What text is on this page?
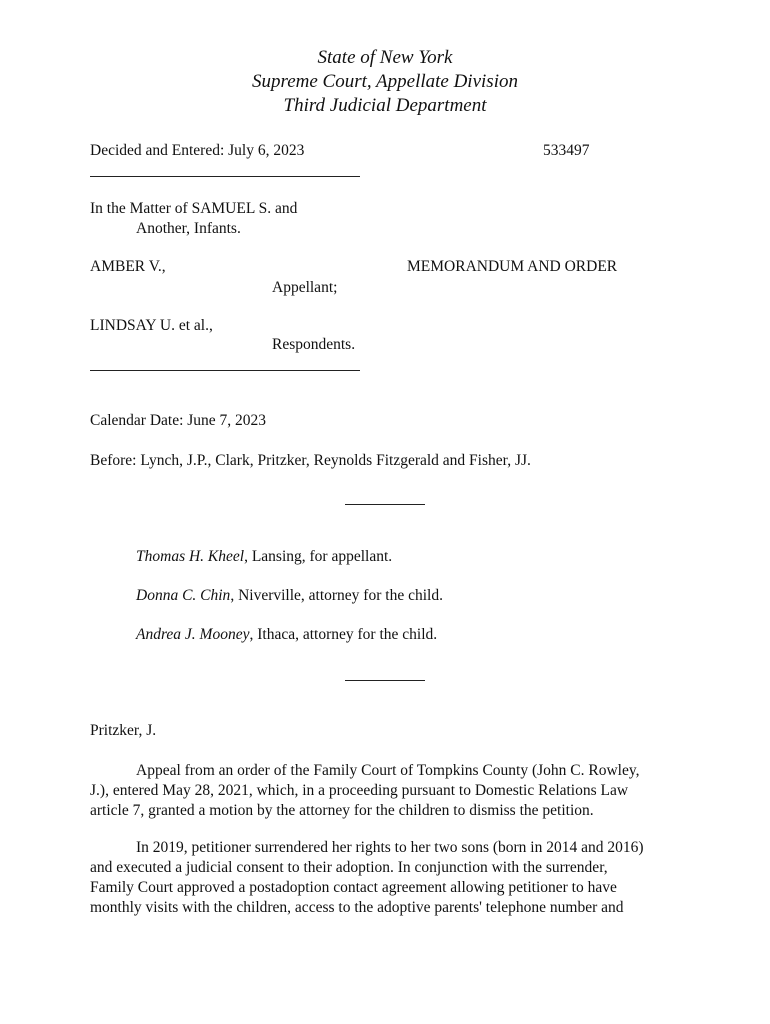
State of New York
Supreme Court, Appellate Division
Third Judicial Department
Decided and Entered: July 6, 2023	533497
In the Matter of SAMUEL S. and
Another, Infants.
AMBER V.,	MEMORANDUM AND ORDER
Appellant;
LINDSAY U. et al.,
Respondents.
Calendar Date: June 7, 2023
Before: Lynch, J.P., Clark, Pritzker, Reynolds Fitzgerald and Fisher, JJ.
Thomas H. Kheel, Lansing, for appellant.
Donna C. Chin, Niverville, attorney for the child.
Andrea J. Mooney, Ithaca, attorney for the child.
Pritzker, J.
Appeal from an order of the Family Court of Tompkins County (John C. Rowley,
J.), entered May 28, 2021, which, in a proceeding pursuant to Domestic Relations Law
article 7, granted a motion by the attorney for the children to dismiss the petition.
In 2019, petitioner surrendered her rights to her two sons (born in 2014 and 2016)
and executed a judicial consent to their adoption. In conjunction with the surrender,
Family Court approved a postadoption contact agreement allowing petitioner to have
monthly visits with the children, access to the adoptive parents' telephone number and
